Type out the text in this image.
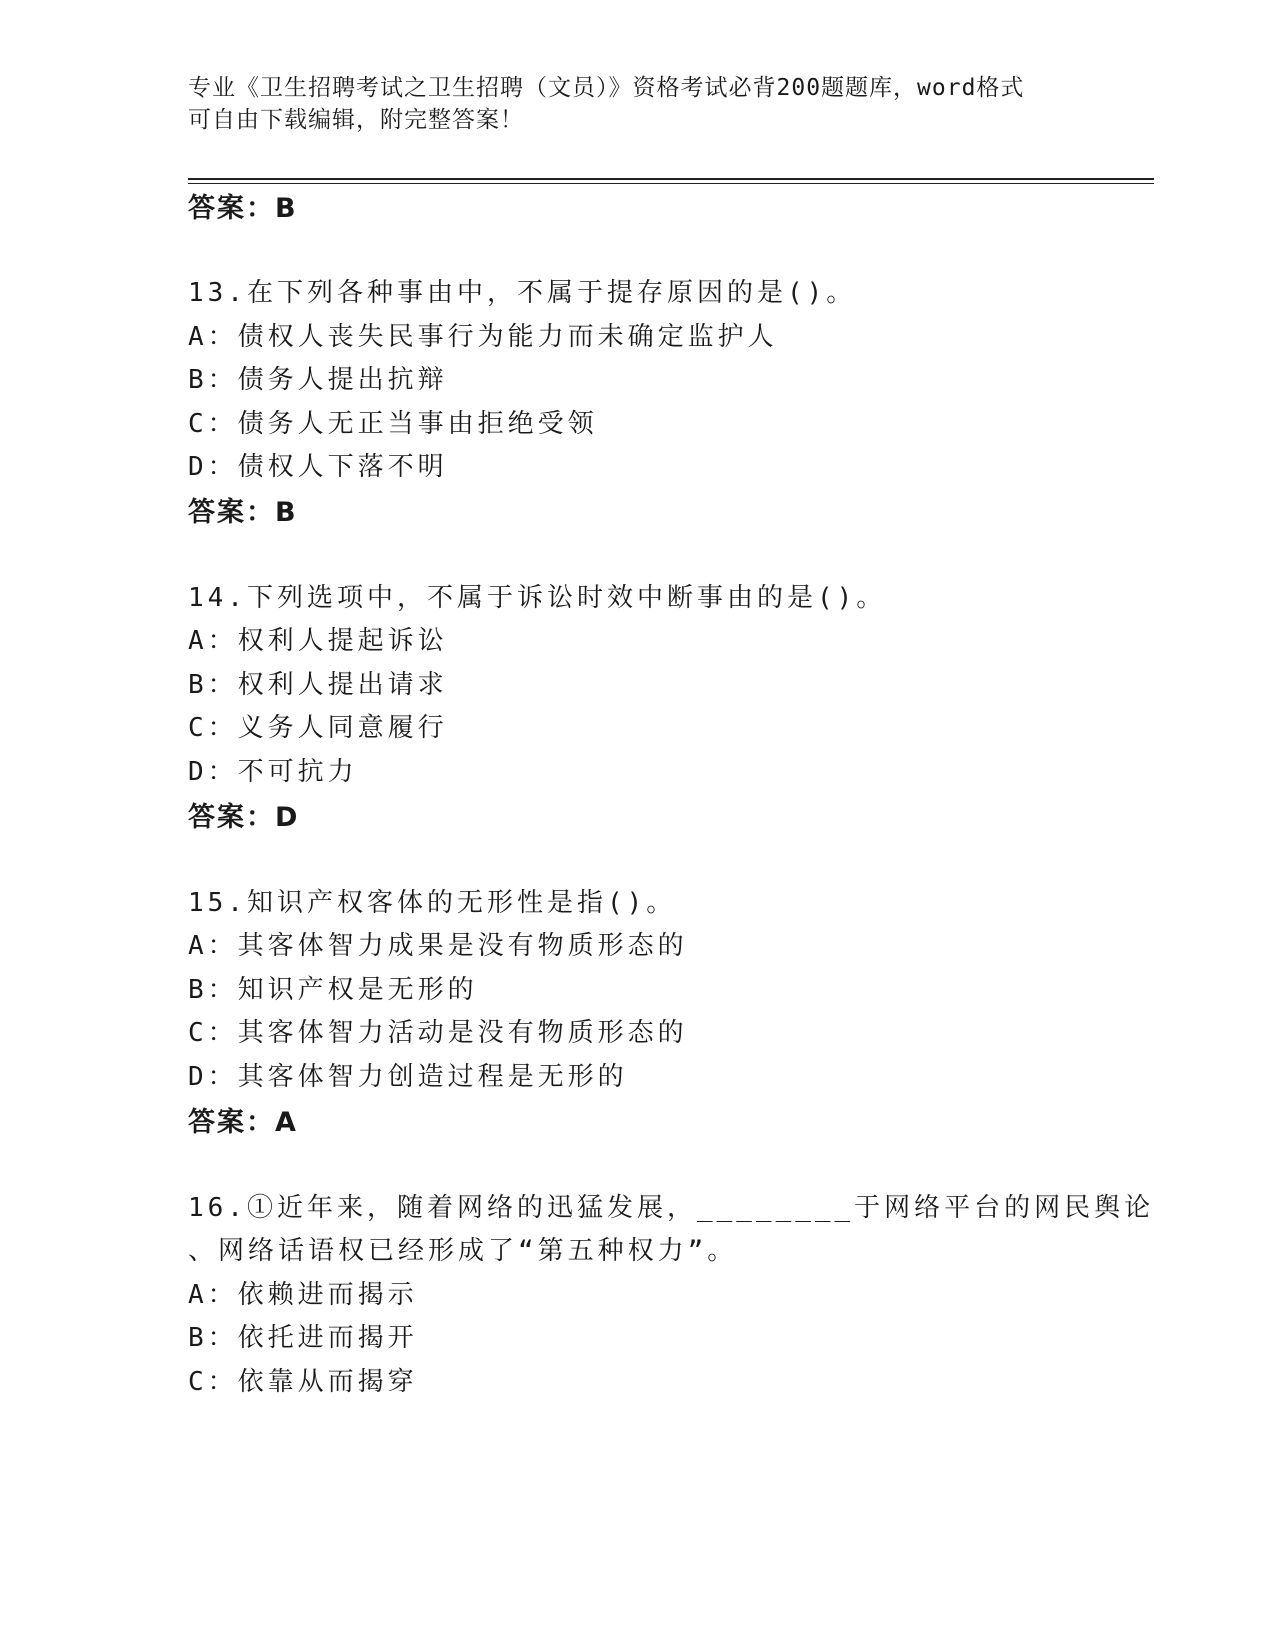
专业《卫生招聘考试之卫生招聘（文员）》资格考试必背200题题库，word格式
可自由下载编辑，附完整答案！
答案：B
13.在下列各种事由中，不属于提存原因的是()。
A：债权人丧失民事行为能力而未确定监护人
B：债务人提出抗辩
C：债务人无正当事由拒绝受领
D：债权人下落不明
答案：B
14.下列选项中，不属于诉讼时效中断事由的是()。
A：权利人提起诉讼
B：权利人提出请求
C：义务人同意履行
D：不可抗力
答案：D
15.知识产权客体的无形性是指()。
A：其客体智力成果是没有物质形态的
B：知识产权是无形的
C：其客体智力活动是没有物质形态的
D：其客体智力创造过程是无形的
答案：A
16.①近年来，随着网络的迅猛发展，________于网络平台的网民舆论
、网络话语权已经形成了“第五种权力”。
A：依赖进而揭示
B：依托进而揭开
C：依靠从而揭穿
